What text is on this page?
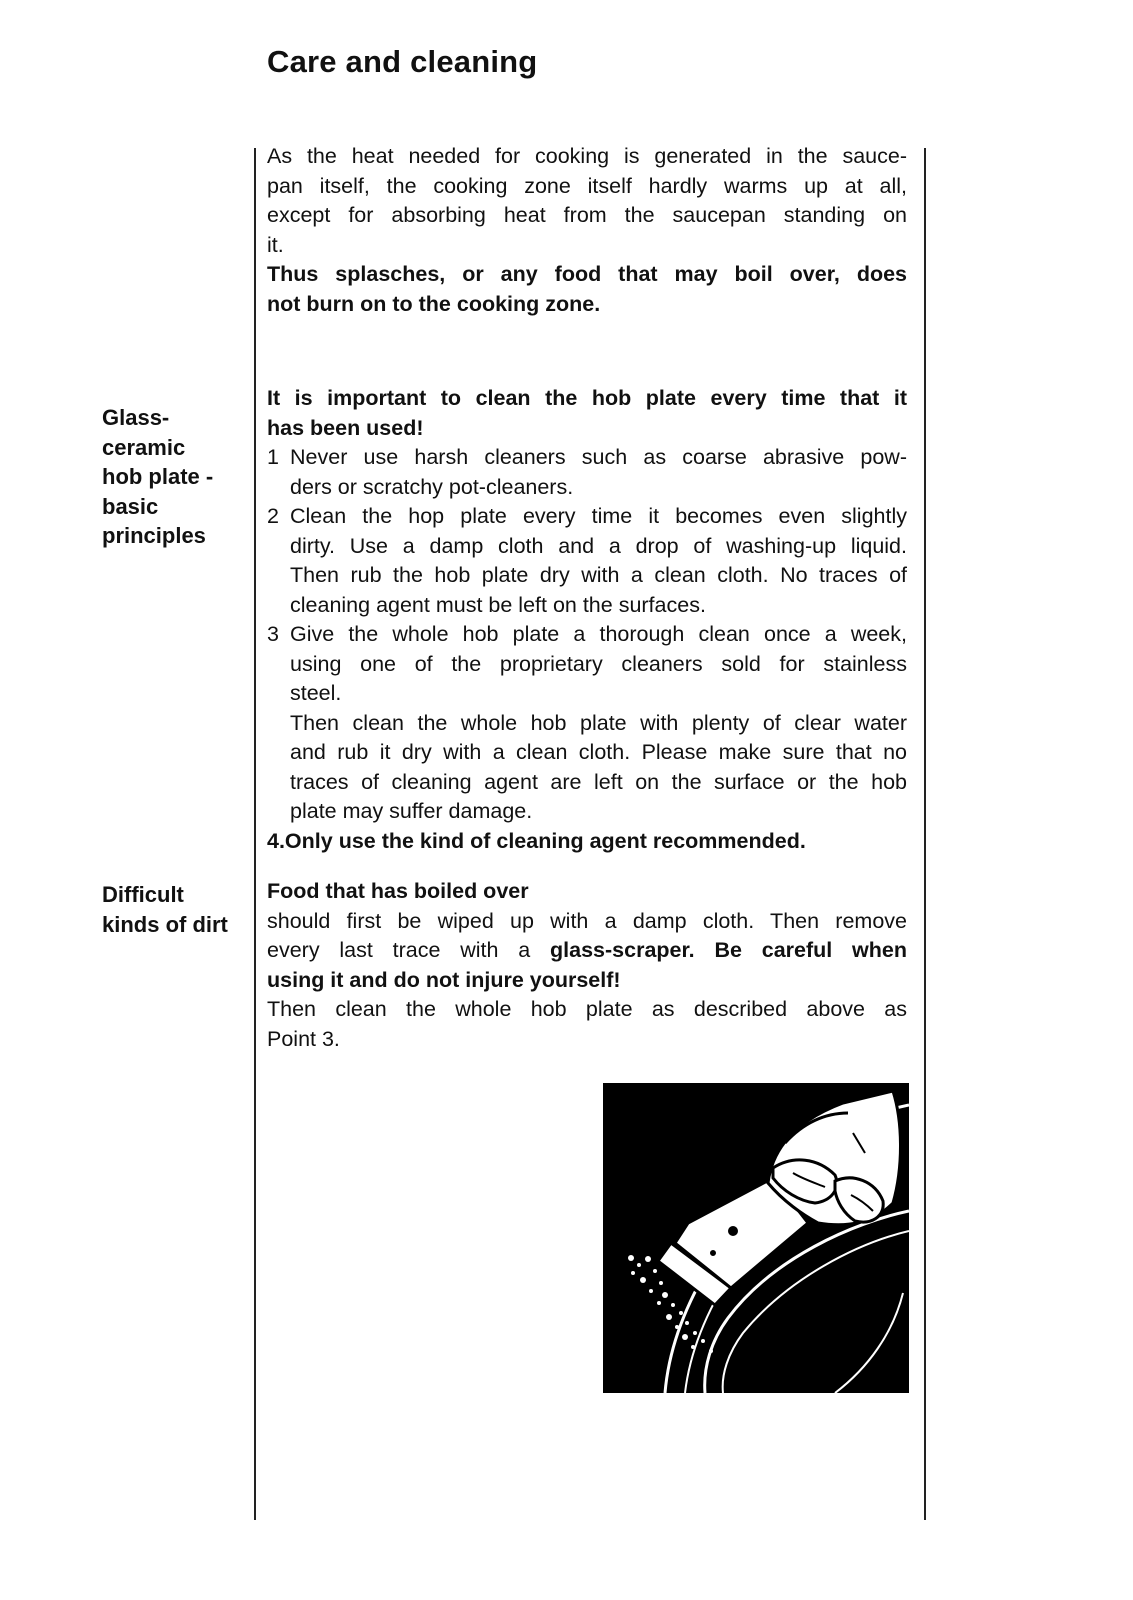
Care and cleaning
As the heat needed for cooking is generated in the sauce-
pan itself, the cooking zone itself hardly warms up at all,
except for absorbing heat from the saucepan standing on
it.
Thus splasches, or any food that may boil over, does
not burn on to the cooking zone.
Glass-
ceramic
hob plate -
basic
principles
It is important to clean the hob plate every time that it
has been used!
1 Never use harsh cleaners such as coarse abrasive pow-
ders or scratchy pot-cleaners.
2 Clean the hop plate every time it becomes even slightly
dirty. Use a damp cloth and a drop of washing-up liquid.
Then rub the hob plate dry with a clean cloth. No traces of
cleaning agent must be left on the surfaces.
3 Give the whole hob plate a thorough clean once a week,
using one of the proprietary cleaners sold for stainless
steel.
Then clean the whole hob plate with plenty of clear water
and rub it dry with a clean cloth. Please make sure that no
traces of cleaning agent are left on the surface or the hob
plate may suffer damage.
4.Only use the kind of cleaning agent recommended.
Difficult
kinds of dirt
Food that has boiled over
should first be wiped up with a damp cloth. Then remove
every last trace with a glass-scraper. Be careful when
using it and do not injure yourself!
Then clean the whole hob plate as described above as
Point 3.
